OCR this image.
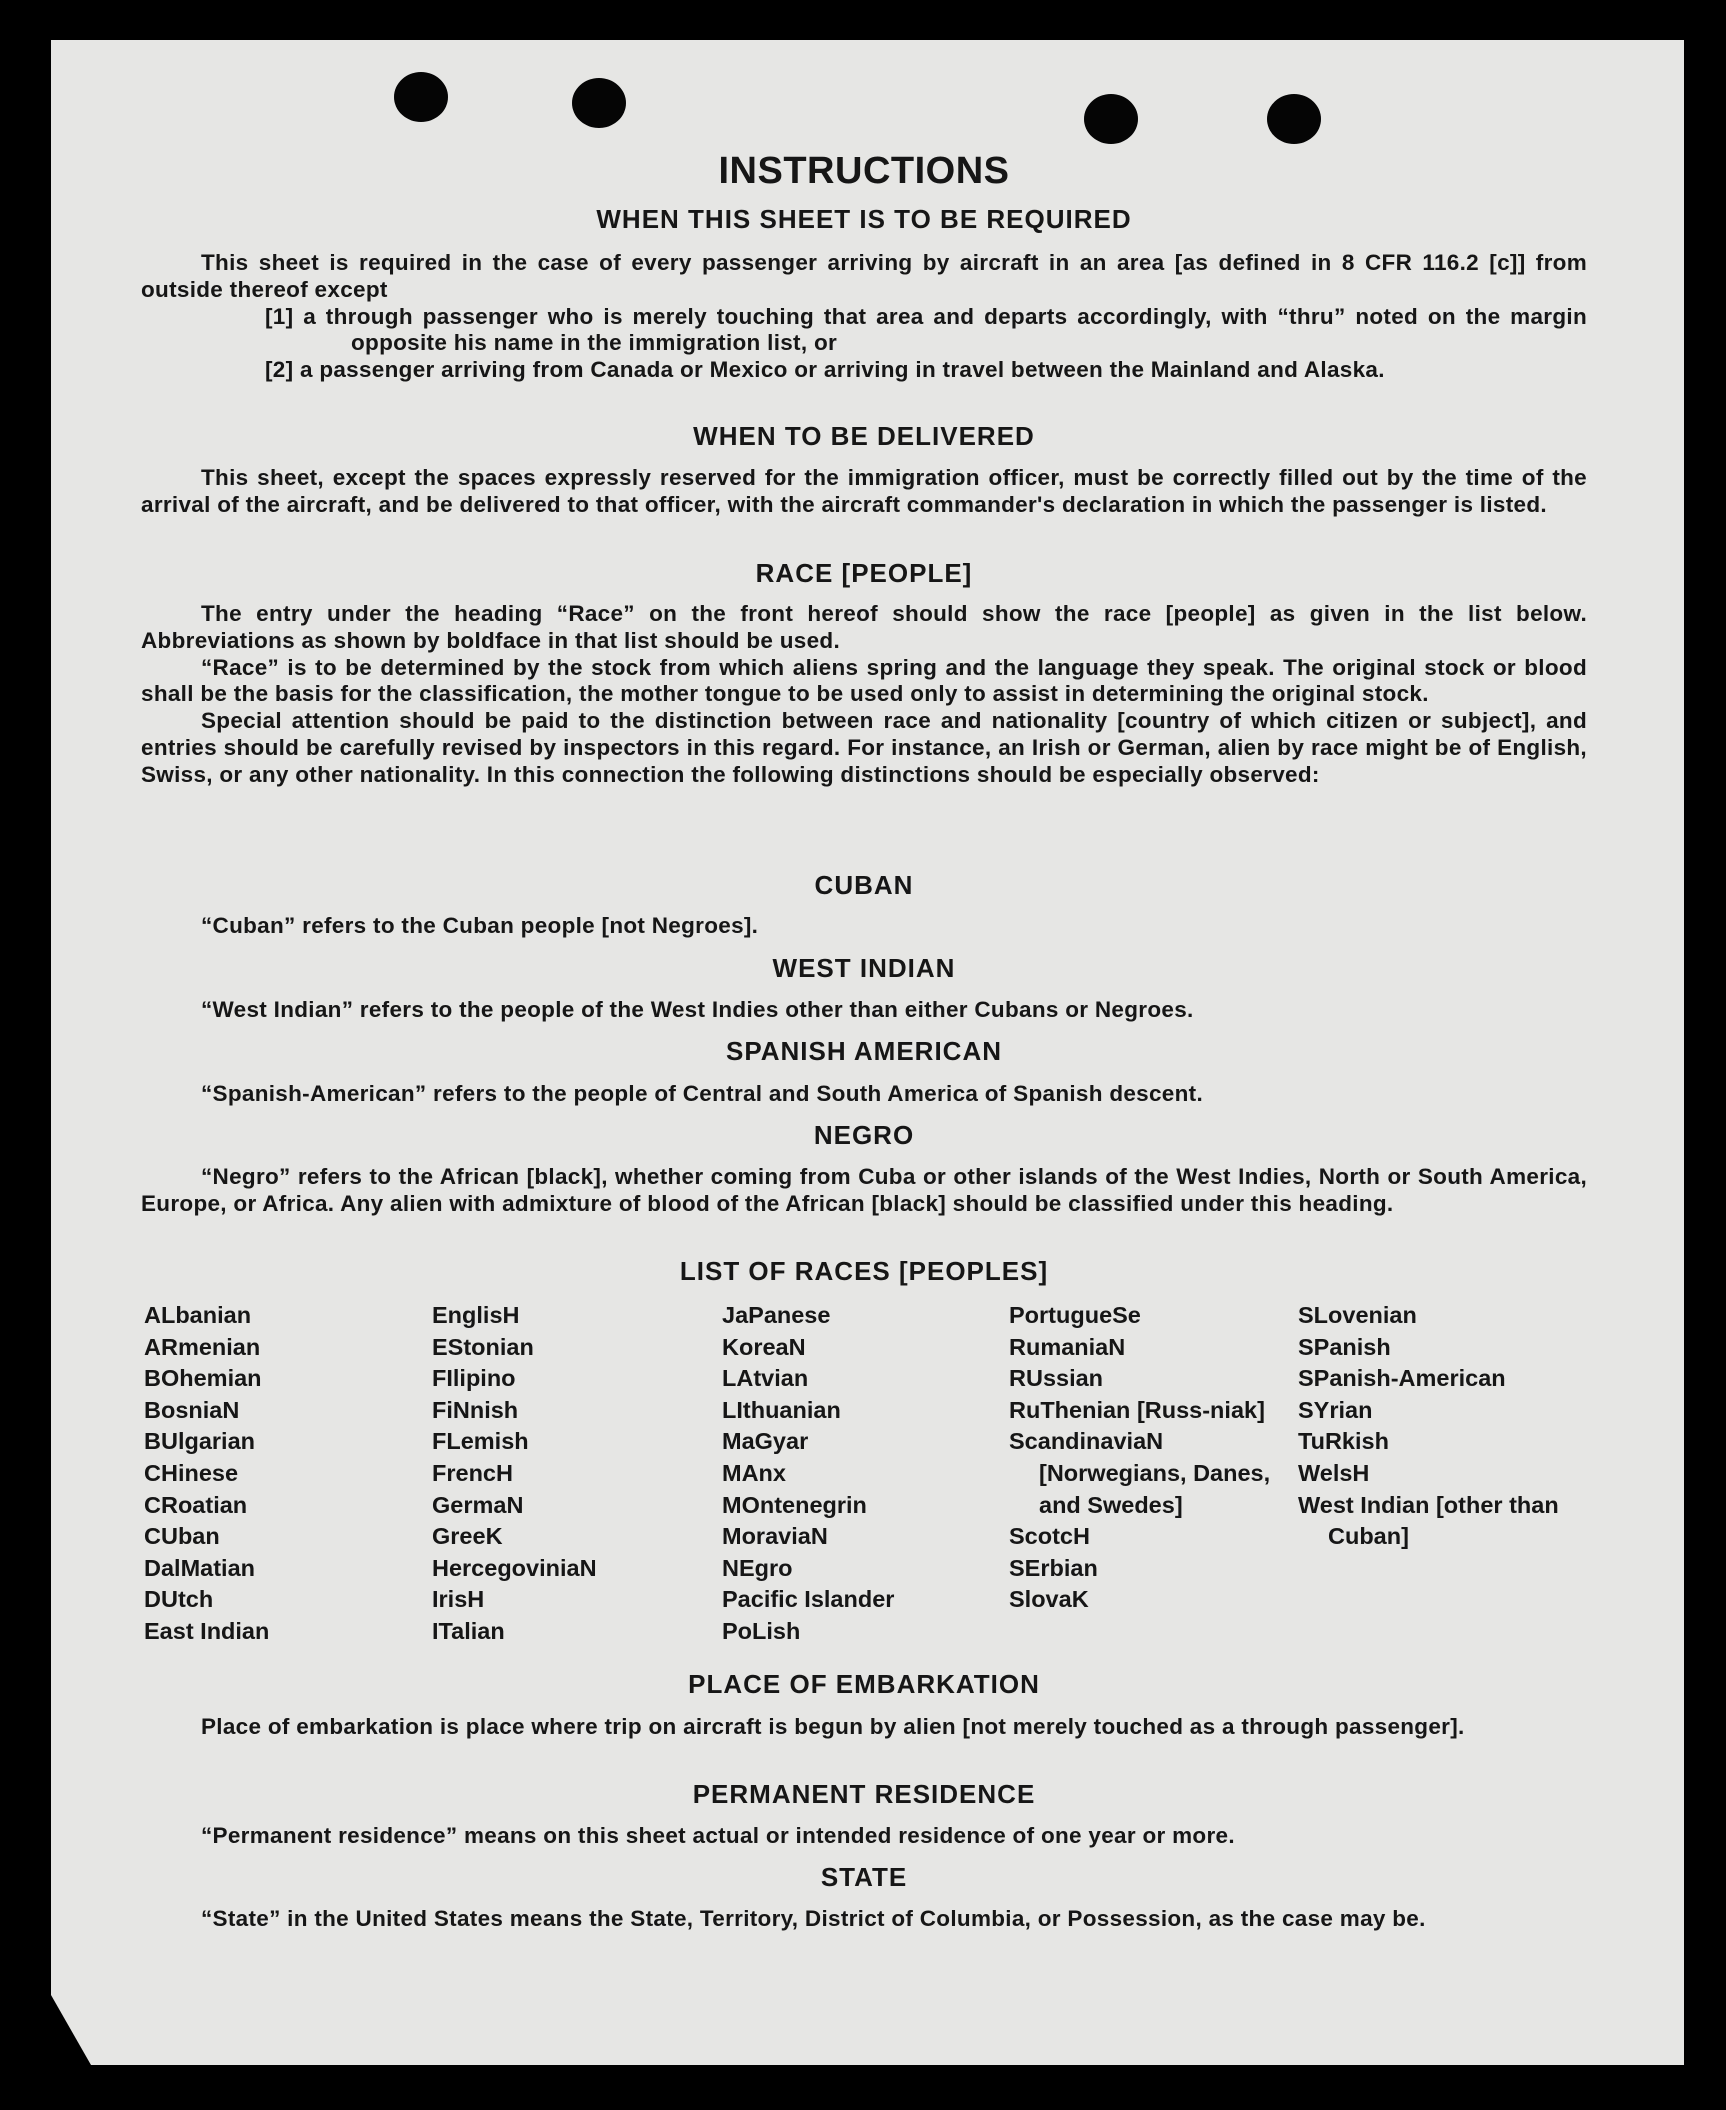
INSTRUCTIONS
WHEN THIS SHEET IS TO BE REQUIRED

This sheet is required in the case of every passenger arriving by aircraft in an area [as defined in 8 CFR 116.2 [c]] from outside thereof except

[1] a through passenger who is merely touching that area and departs accordingly, with “thru” noted on the margin opposite his name in the immigration list, or

[2] a passenger arriving from Canada or Mexico or arriving in travel between the Mainland and Alaska.

WHEN TO BE DELIVERED

This sheet, except the spaces expressly reserved for the immigration officer, must be correctly filled out by the time of the arrival of the aircraft, and be delivered to that officer, with the aircraft commander's declaration in which the passenger is listed.

RACE [PEOPLE]

The entry under the heading “Race” on the front hereof should show the race [people] as given in the list below. Abbreviations as shown by boldface in that list should be used.

“Race” is to be determined by the stock from which aliens spring and the language they speak. The original stock or blood shall be the basis for the classification, the mother tongue to be used only to assist in determining the original stock.

Special attention should be paid to the distinction between race and nationality [country of which citizen or subject], and entries should be carefully revised by inspectors in this regard. For instance, an Irish or German, alien by race might be of English, Swiss, or any other nationality. In this connection the following distinctions should be especially observed:

CUBAN

“Cuban” refers to the Cuban people [not Negroes].

WEST INDIAN

“West Indian” refers to the people of the West Indies other than either Cubans or Negroes.

SPANISH AMERICAN

“Spanish-American” refers to the people of Central and South America of Spanish descent.

NEGRO

“Negro” refers to the African [black], whether coming from Cuba or other islands of the West Indies, North or South America, Europe, or Africa. Any alien with admixture of blood of the African [black] should be classified under this heading.

LIST OF RACES [PEOPLES]
ALbanian
ARmenian
BOhemian
BosniaN
BUlgarian
CHinese
CRoatian
CUban
DalMatian
DUtch
East Indian
EnglisH
EStonian
FIlipino
FiNnish
FLemish
FrencH
GermaN
GreeK
HercegoviniaN
IrisH
ITalian
JaPanese
KoreaN
LAtvian
LIthuanian
MaGyar
MAnx
MOntenegrin
MoraviaN
NEgro
Pacific Islander
PoLish
PortugueSe
RumaniaN
RUssian
RuThenian [Russ-niak]
ScandinaviaN [Norwegians, Danes, and Swedes]
ScotcH
SErbian
SlovaK
SLovenian
SPanish
SPanish-American
SYrian
TuRkish
WelsH
West Indian [other than Cuban]
PLACE OF EMBARKATION

Place of embarkation is place where trip on aircraft is begun by alien [not merely touched as a through passenger].

PERMANENT RESIDENCE

“Permanent residence” means on this sheet actual or intended residence of one year or more.

STATE

“State” in the United States means the State, Territory, District of Columbia, or Possession, as the case may be.
